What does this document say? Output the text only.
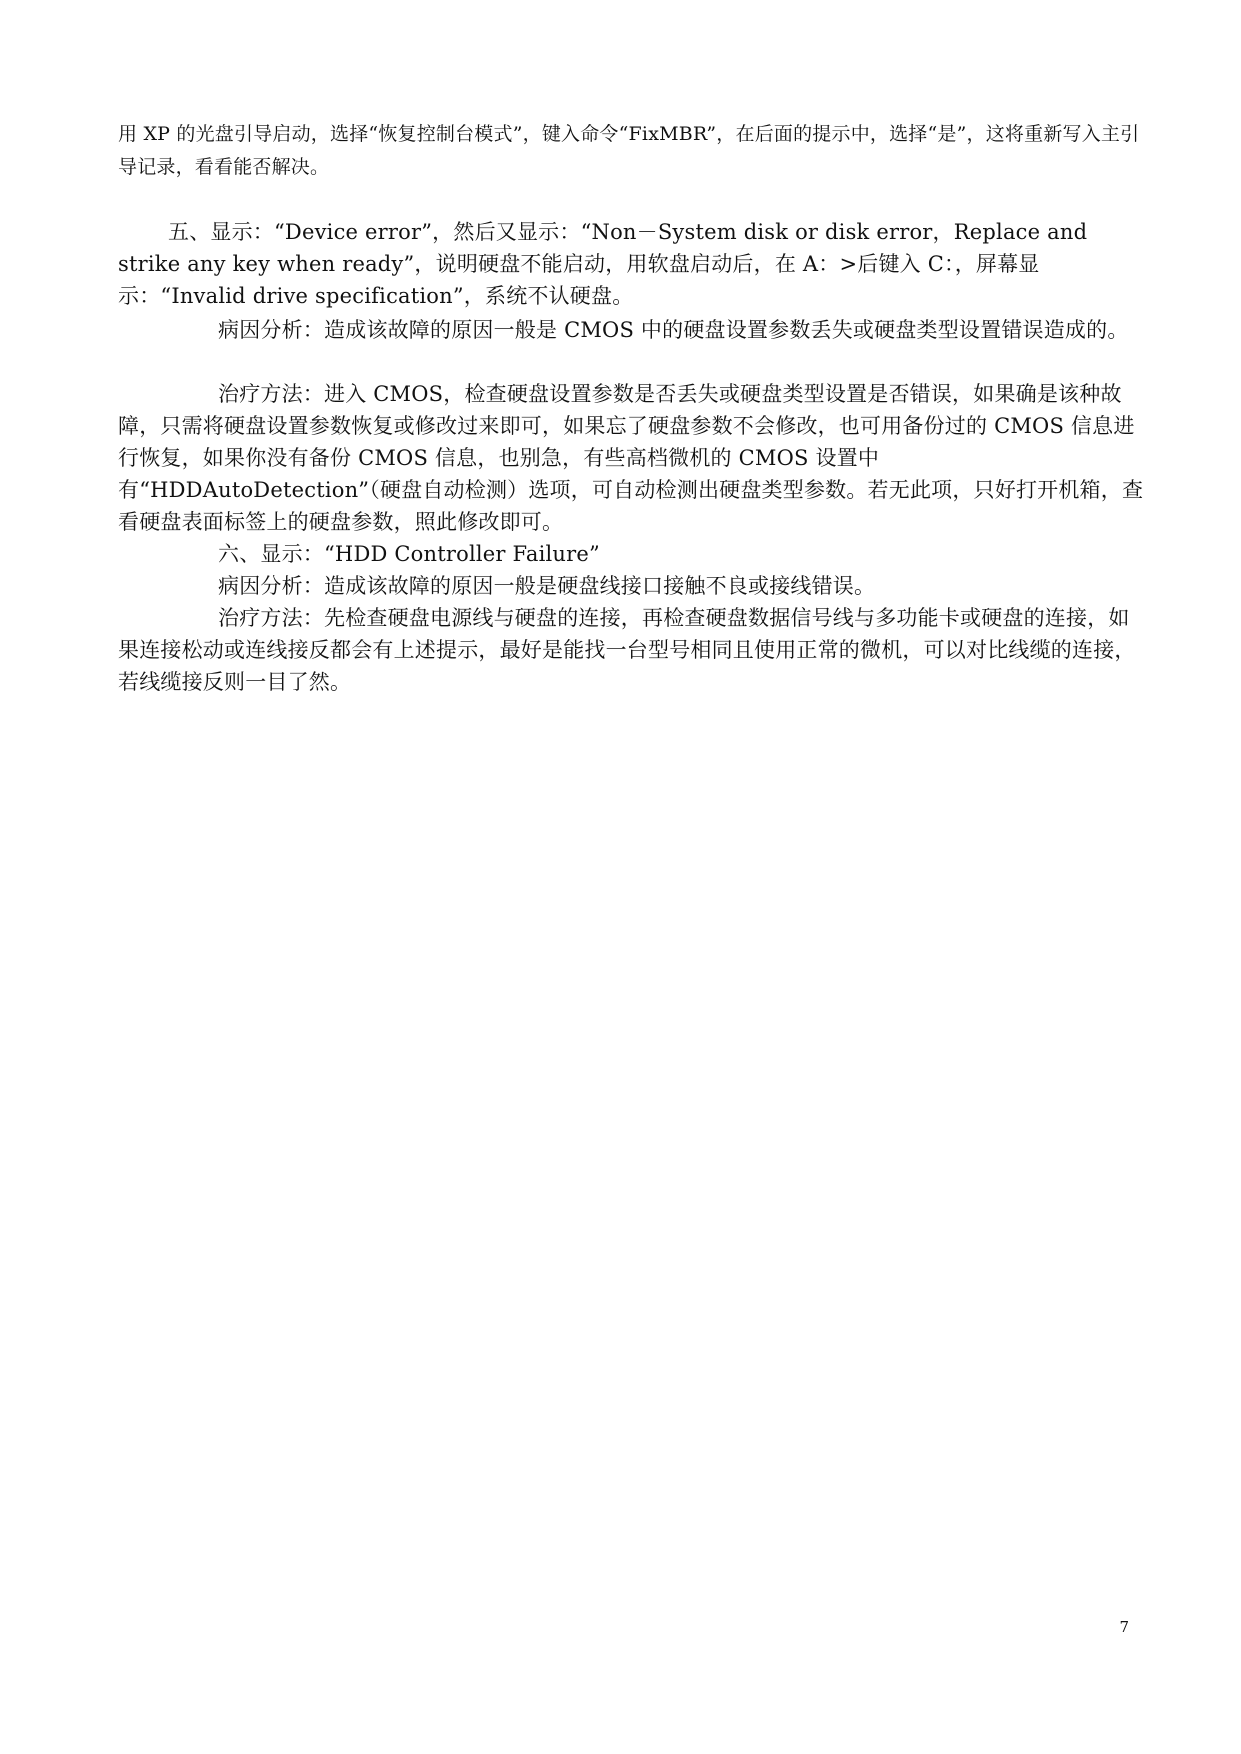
用 XP 的光盘引导启动，选择“恢复控制台模式”，键入命令“FixMBR”，在后面的提示中，选择“是”，这将重新写入主引导记录，看看能否解决。

五、显示：“Device error”，然后又显示：“Non－System disk or disk error，Replace and strike any key when ready”，说明硬盘不能启动，用软盘启动后，在 A：>后键入 C：，屏幕显示：“Invalid drive specification”，系统不认硬盘。

病因分析：造成该故障的原因一般是 CMOS 中的硬盘设置参数丢失或硬盘类型设置错误造成的。

治疗方法：进入 CMOS，检查硬盘设置参数是否丢失或硬盘类型设置是否错误，如果确是该种故障，只需将硬盘设置参数恢复或修改过来即可，如果忘了硬盘参数不会修改，也可用备份过的 CMOS 信息进行恢复，如果你没有备份 CMOS 信息，也别急，有些高档微机的 CMOS 设置中有“HDDAutoDetection”（硬盘自动检测）选项，可自动检测出硬盘类型参数。若无此项，只好打开机箱，查看硬盘表面标签上的硬盘参数，照此修改即可。

六、显示：“HDD Controller Failure”

病因分析：造成该故障的原因一般是硬盘线接口接触不良或接线错误。

治疗方法：先检查硬盘电源线与硬盘的连接，再检查硬盘数据信号线与多功能卡或硬盘的连接，如果连接松动或连线接反都会有上述提示，最好是能找一台型号相同且使用正常的微机，可以对比线缆的连接，若线缆接反则一目了然。

7
